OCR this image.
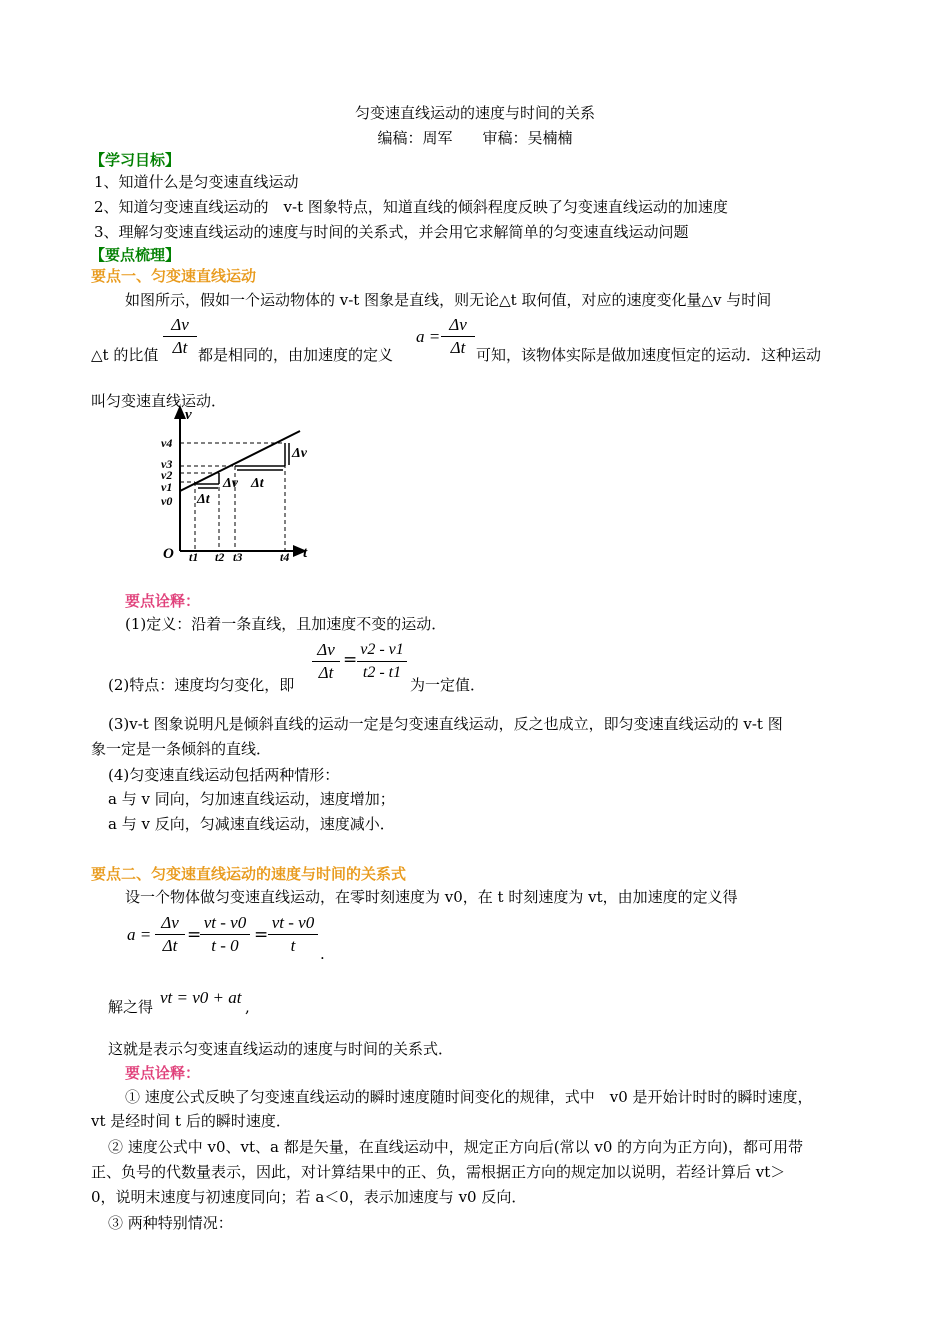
匀变速直线运动的速度与时间的关系
编稿：周军　　审稿：吴楠楠
【学习目标】
1、知道什么是匀变速直线运动
2、知道匀变速直线运动的　v-t 图象特点，知道直线的倾斜程度反映了匀变速直线运动的加速度
3、理解匀变速直线运动的速度与时间的关系式，并会用它求解简单的匀变速直线运动问题
【要点梳理】
要点一、匀变速直线运动
如图所示，假如一个运动物体的 v-t 图象是直线，则无论△t 取何值，对应的速度变化量△v 与时间
△t 的比值
Δv
Δt 都是相同的，由加速度的定义
a =
Δv
Δt 可知，该物体实际是做加速度恒定的运动．这种运动
叫匀变速直线运动．
v
t
O
Δv
Δt
Δv
Δt
v4
v3
v2
v1
v0
t1 t2 t3	t4
要点诠释：
(1)定义：沿着一条直线，且加速度不变的运动．
(2)特点：速度均匀变化，即
Δv
Δt
=
v2 - v1
t2 - t1
为一定值．
(3)v-t 图象说明凡是倾斜直线的运动一定是匀变速直线运动，反之也成立，即匀变速直线运动的 v-t 图
象一定是一条倾斜的直线．
(4)匀变速直线运动包括两种情形：
a 与 v 同向，匀加速直线运动，速度增加；
a 与 v 反向，匀减速直线运动，速度减小．
要点二、匀变速直线运动的速度与时间的关系式
设一个物体做匀变速直线运动，在零时刻速度为 v0，在 t 时刻速度为 vt，由加速度的定义得
a =
Δv
Δt
=
vt - v0
t - 0
=
vt - v0
t	.
解之得 vt = v0 + at ,
这就是表示匀变速直线运动的速度与时间的关系式．
要点诠释：
① 速度公式反映了匀变速直线运动的瞬时速度随时间变化的规律，式中　v0 是开始计时时的瞬时速度，
vt 是经时间 t 后的瞬时速度．
② 速度公式中 v0、vt、a 都是矢量，在直线运动中，规定正方向后(常以 v0 的方向为正方向)，都可用带
正、负号的代数量表示，因此，对计算结果中的正、负，需根据正方向的规定加以说明，若经计算后 vt＞
0，说明末速度与初速度同向；若 a＜0，表示加速度与 v0 反向．
③ 两种特别情况：
